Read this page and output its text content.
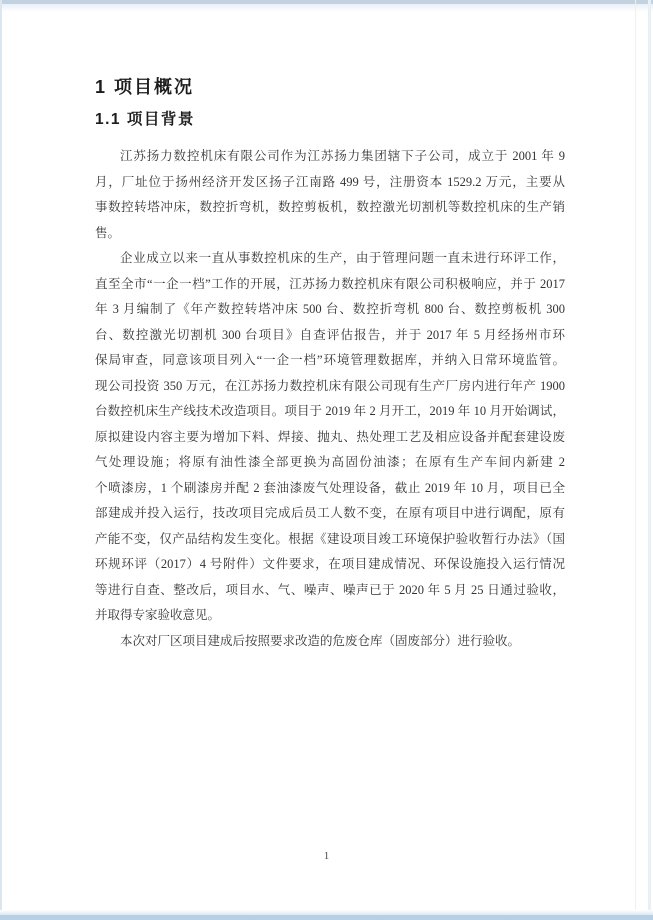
1 项目概况
1.1 项目背景
江苏扬力数控机床有限公司作为江苏扬力集团辖下子公司，成立于 2001 年 9
月，厂址位于扬州经济开发区扬子江南路 499 号，注册资本 1529.2 万元，主要从
事数控转塔冲床，数控折弯机，数控剪板机，数控激光切割机等数控机床的生产销
售。
企业成立以来一直从事数控机床的生产，由于管理问题一直未进行环评工作，
直至全市“一企一档”工作的开展，江苏扬力数控机床有限公司积极响应，并于 2017
年 3 月编制了《年产数控转塔冲床 500 台、数控折弯机 800 台、数控剪板机 300
台、数控激光切割机 300 台项目》自查评估报告，并于 2017 年 5 月经扬州市环
保局审查，同意该项目列入“一企一档”环境管理数据库，并纳入日常环境监管。
现公司投资 350 万元，在江苏扬力数控机床有限公司现有生产厂房内进行年产 1900
台数控机床生产线技术改造项目。项目于 2019 年 2 月开工，2019 年 10 月开始调试，
原拟建设内容主要为增加下料、焊接、抛丸、热处理工艺及相应设备并配套建设废
气处理设施；将原有油性漆全部更换为高固份油漆；在原有生产车间内新建 2
个喷漆房，1 个刷漆房并配 2 套油漆废气处理设备，截止 2019 年 10 月，项目已全
部建成并投入运行，技改项目完成后员工人数不变，在原有项目中进行调配，原有
产能不变，仅产品结构发生变化。根据《建设项目竣工环境保护验收暂行办法》（国
环规环评（2017）4 号附件）文件要求，在项目建成情况、环保设施投入运行情况
等进行自查、整改后，项目水、气、噪声、噪声已于 2020 年 5 月 25 日通过验收，
并取得专家验收意见。
本次对厂区项目建成后按照要求改造的危废仓库（固废部分）进行验收。
1
